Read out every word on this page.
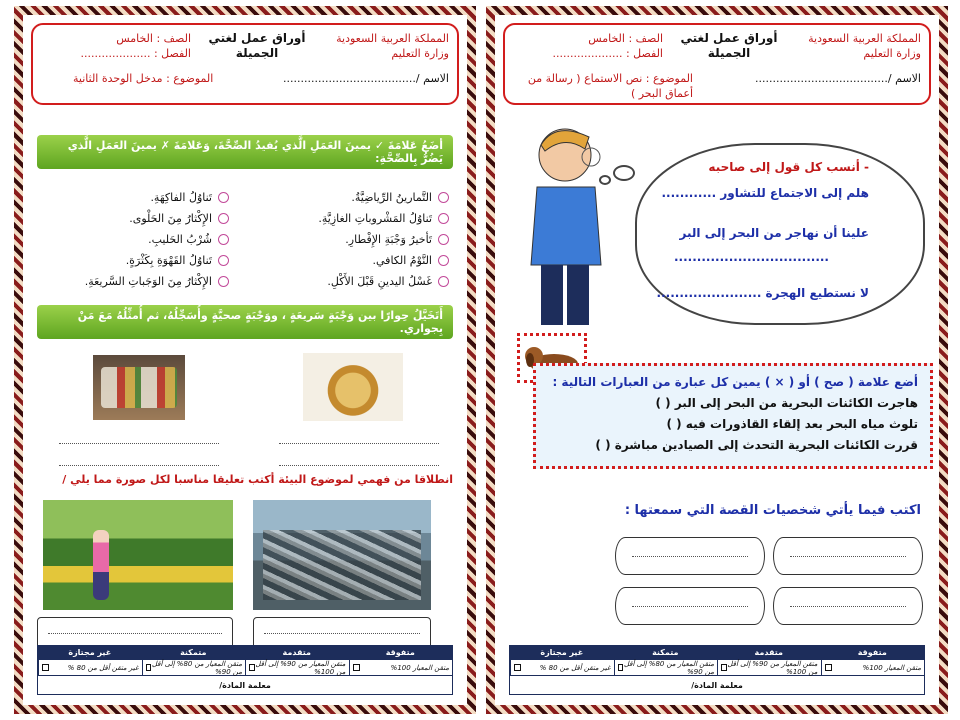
المملكة العربية السعودية
وزارة التعليم
أوراق عمل لغتي الجميلة
الصف : الخامس
الفصل : ....................
الاسم /......................................
الموضوع : مدخل الوحدة الثانية
أضَعُ عَلامَةَ ✓ يمينَ العَمَلِ الَّذي يُفيدُ الصِّحَّةَ، وَعَلامَةَ ✗ يمينَ العَمَلِ الَّذي يَضُرُّ بِالصِّحَّةِ:
التَّمارينُ الرِّياضِيَّةُ.
تَناوُلُ المَشْروباتِ الغازِيَّةِ.
تَأخيرُ وَجْبَةِ الإِفْطارِ.
النَّوْمُ الكافي.
غَسْلُ اليدينِ قَبْلَ الأَكْلِ.
تَناوُلُ الفاكِهَةِ.
الإِكْثارُ مِنَ الحَلْوى.
شُرْبُ الحَليبِ.
تَناوُلُ القَهْوَةِ بِكَثْرَةٍ.
الإِكْثارُ مِنَ الوَجَباتِ السَّريعَةِ.
أَتَخَيَّلُ حِوارًا بين وَجْبَةٍ سَريعَةٍ ، ووَجْبَةٍ صحيَّةٍ وأُسَجِّلُهُ، ثم أُمثِّلُهُ مَعَ مَنْ بِجواري.
انطلاقا من فهمي لموضوع البيئة أكتب تعليقا مناسبا لكل صورة مما يلي /
متفوقة
متقدمة
متمكنة
غير مجتازة
متقن المعيار 100%
متقن المعيار من 90% إلى أقل من 100%
متقن المعيار من 80% إلى أقل من 90%
غير متقن أقل من 80 %
معلمة المادة/
المملكة العربية السعودية
وزارة التعليم
أوراق عمل لغتي الجميلة
الصف : الخامس
الفصل : ....................
الاسم /......................................
الموضوع : نص الاستماع ( رسالة من أعماق البحر )
- أنسب كل قول إلى صاحبه
هلم إلى الاجتماع للتشاور ............
علينا أن نهاجر من البحر إلى البر
..................................
لا نستطيع الهجرة .......................
أضع علامة ( صح ) أو ( × ) يمين كل عبارة من العبارات التالية :
هاجرت الكائنات البحرية من البحر إلى البر ( )
تلوث مياه البحر بعد إلقاء القاذورات فيه ( )
قررت الكائنات البحرية التحدث إلى الصيادين مباشرة ( )
اكتب فيما يأتي شخصيات القصة التي سمعتها :
متفوقة
متقدمة
متمكنة
غير مجتازة
متقن المعيار 100%
متقن المعيار من 90% إلى أقل من 100%
متقن المعيار من 80% إلى أقل من 90%
غير متقن أقل من 80 %
معلمة المادة/
